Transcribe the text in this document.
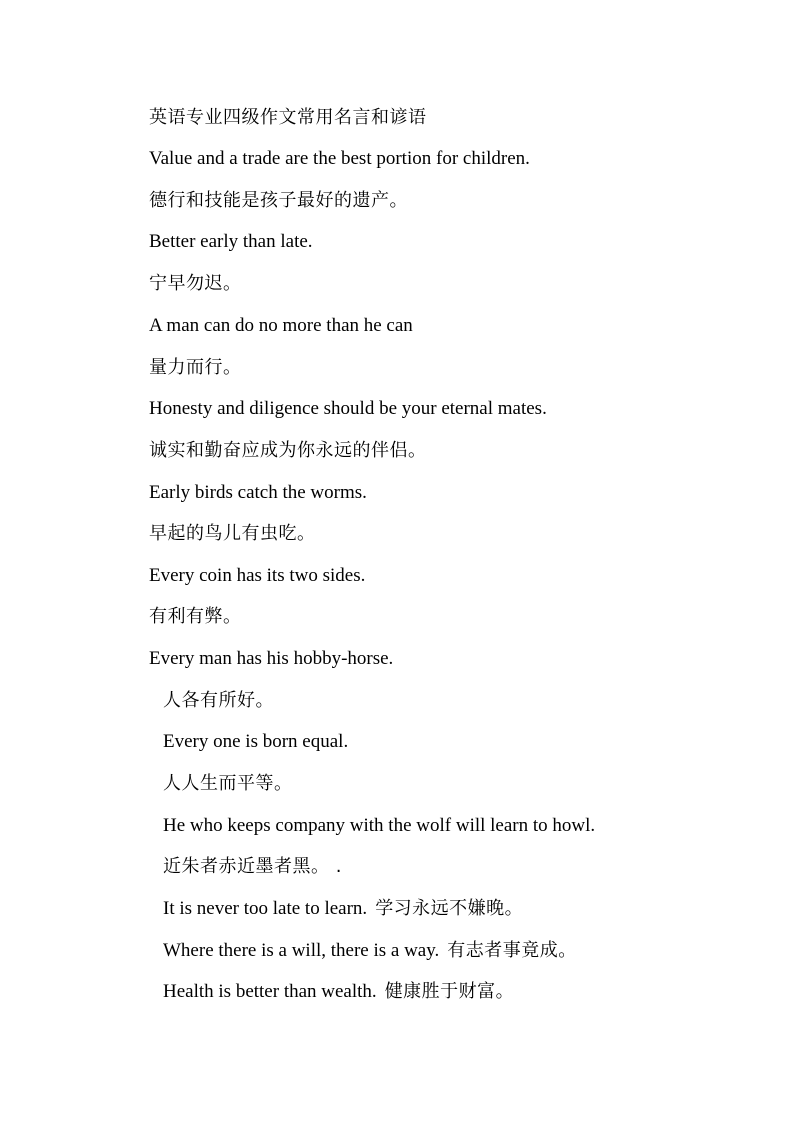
英语专业四级作文常用名言和谚语
Value and a trade are the best portion for children.
德行和技能是孩子最好的遗产。
Better early than late.
宁早勿迟。
A man can do no more than he can
量力而行。
Honesty and diligence should be your eternal mates.
诚实和勤奋应成为你永远的伴侣。
Early birds catch the worms.
早起的鸟儿有虫吃。
Every coin has its two sides.
有利有弊。
Every man has his hobby-horse.
人各有所好。
Every one is born equal.
人人生而平等。
He who keeps company with the wolf will learn to howl.
近朱者赤近墨者黑。 .
It is never too late to learn. 学习永远不嫌晚。
Where there is a will, there is a way. 有志者事竟成。
Health is better than wealth. 健康胜于财富。
